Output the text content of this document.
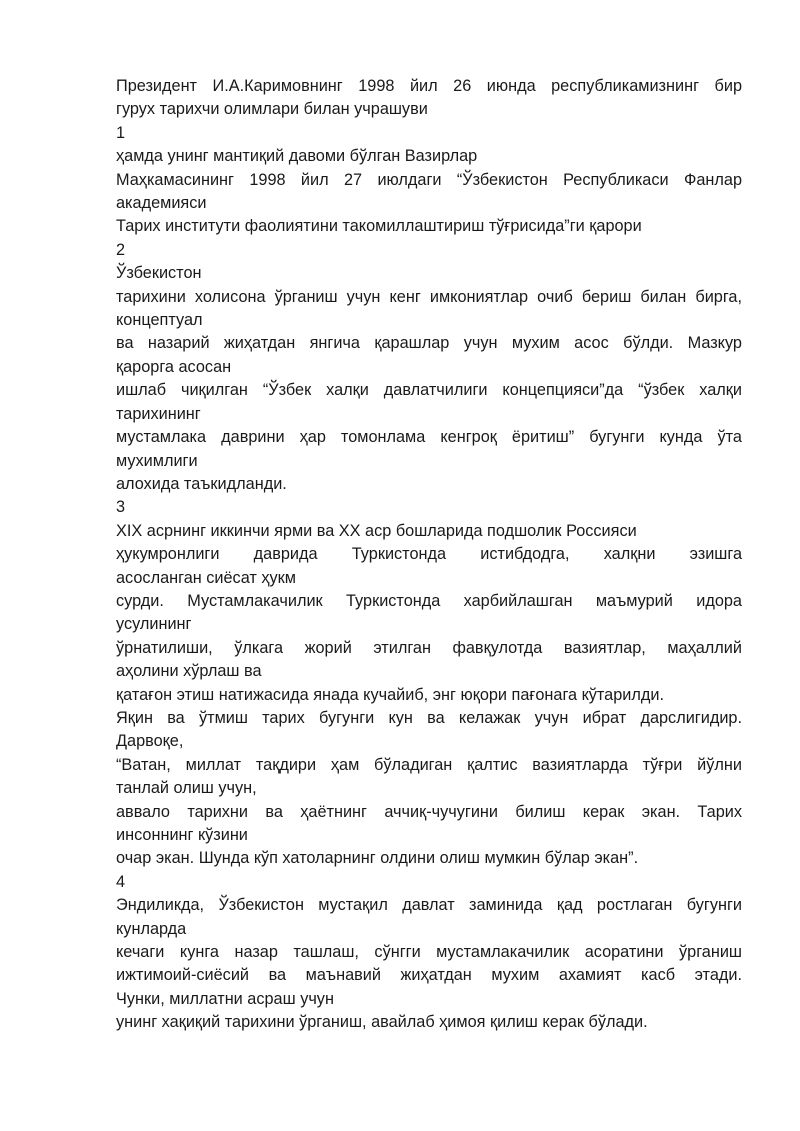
Президент И.А.Каримовнинг 1998 йил 26 июнда республикамизнинг бир
гурух тарихчи олимлари билан учрашуви
1
ҳамда унинг мантиқий давоми бўлган Вазирлар
Маҳкамасининг 1998 йил 27 июлдаги “Ўзбекистон Республикаси Фанлар
академияси
Тарих институти фаолиятини такомиллаштириш тўғрисида”ги қарори
2
Ўзбекистон
тарихини холисона ўрганиш учун кенг имкониятлар очиб бериш билан бирга,
концептуал
ва назарий жиҳатдан янгича қарашлар учун мухим асос бўлди. Мазкур
қарорга асосан
ишлаб чиқилган “Ўзбек халқи давлатчилиги концепцияси”да “ўзбек халқи
тарихининг
мустамлака даврини ҳар томонлама кенгроқ ёритиш” бугунги кунда ўта
мухимлиги
алохида таъкидланди.
3
XIX асрнинг иккинчи ярми ва XX аср бошларида подшолик Россияси
ҳукумронлиги даврида Туркистонда истибдодга, халқни эзишга
асосланган сиёсат ҳукм
сурди. Мустамлакачилик Туркистонда харбийлашган маъмурий идора
усулининг
ўрнатилиши, ўлкага жорий этилган фавқулотда вазиятлар, маҳаллий
аҳолини хўрлаш ва
қатағон этиш натижасида янада кучайиб, энг юқори пағонага кўтарилди.
Яқин ва ўтмиш тарих бугунги кун ва келажак учун ибрат дарслигидир.
Дарвоқе,
“Ватан, миллат тақдири ҳам бўладиган қалтис вазиятларда тўғри йўлни
танлай олиш учун,
аввало тарихни ва ҳаётнинг аччиқ-чучугини билиш керак экан. Тарих
инсоннинг кўзини
очар экан. Шунда кўп хатоларнинг олдини олиш мумкин бўлар экан”.
4
Эндиликда, Ўзбекистон мустақил давлат заминида қад ростлаган бугунги
кунларда
кечаги кунга назар ташлаш, сўнгги мустамлакачилик асоратини ўрганиш
ижтимоий-сиёсий ва маънавий жиҳатдан мухим ахамият касб этади.
Чунки, миллатни асраш учун
унинг хақиқий тарихини ўрганиш, авайлаб ҳимоя қилиш керак бўлади.
